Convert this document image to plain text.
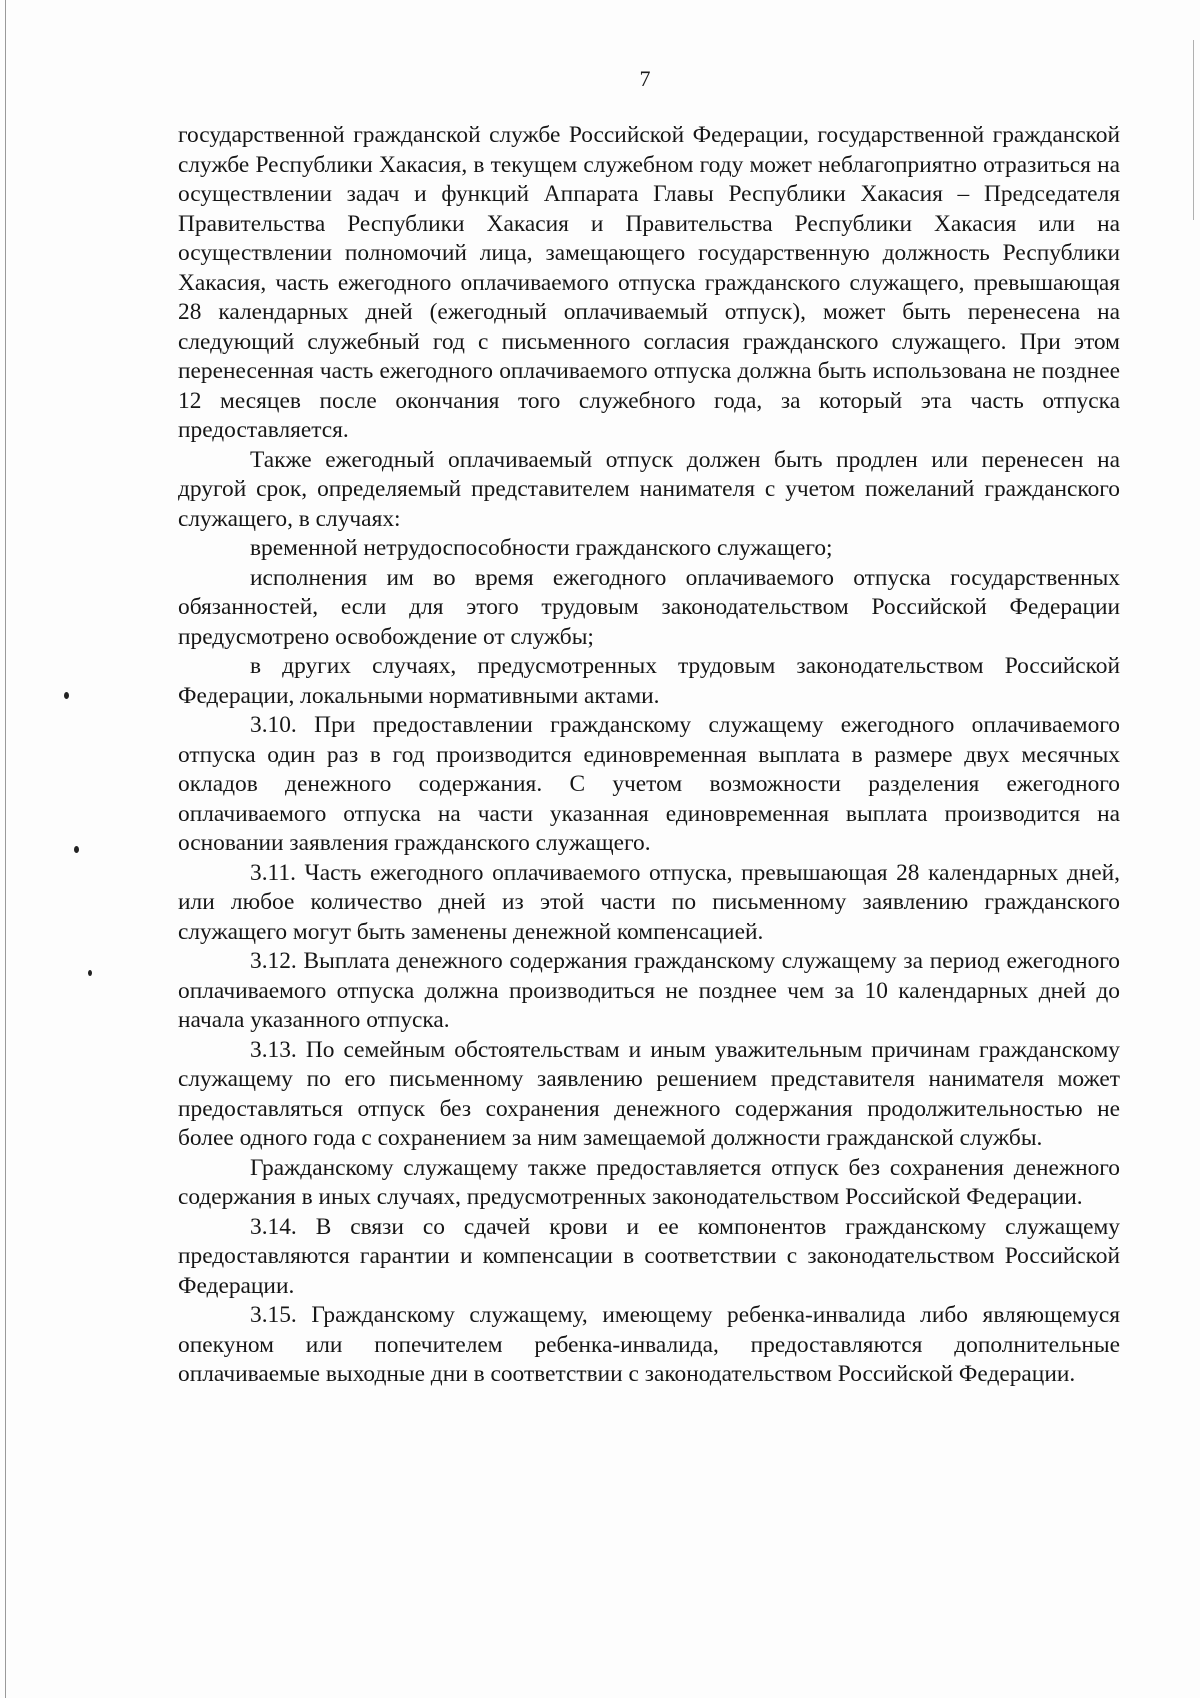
7

государственной гражданской службе Российской Федерации, государственной гражданской службе Республики Хакасия, в текущем служебном году может неблагоприятно отразиться на осуществлении задач и функций Аппарата Главы Республики Хакасия – Председателя Правительства Республики Хакасия и Правительства Республики Хакасия или на осуществлении полномочий лица, замещающего государственную должность Республики Хакасия, часть ежегодного оплачиваемого отпуска гражданского служащего, превышающая 28 календарных дней (ежегодный оплачиваемый отпуск), может быть перенесена на следующий служебный год с письменного согласия гражданского служащего. При этом перенесенная часть ежегодного оплачиваемого отпуска должна быть использована не позднее 12 месяцев после окончания того служебного года, за который эта часть отпуска предоставляется.

Также ежегодный оплачиваемый отпуск должен быть продлен или перенесен на другой срок, определяемый представителем нанимателя с учетом пожеланий гражданского служащего, в случаях:

временной нетрудоспособности гражданского служащего;

исполнения им во время ежегодного оплачиваемого отпуска государственных обязанностей, если для этого трудовым законодательством Российской Федерации предусмотрено освобождение от службы;

в других случаях, предусмотренных трудовым законодательством Российской Федерации, локальными нормативными актами.

3.10. При предоставлении гражданскому служащему ежегодного оплачиваемого отпуска один раз в год производится единовременная выплата в размере двух месячных окладов денежного содержания. С учетом возможности разделения ежегодного оплачиваемого отпуска на части указанная единовременная выплата производится на основании заявления гражданского служащего.

3.11. Часть ежегодного оплачиваемого отпуска, превышающая 28 календарных дней, или любое количество дней из этой части по письменному заявлению гражданского служащего могут быть заменены денежной компенсацией.

3.12. Выплата денежного содержания гражданскому служащему за период ежегодного оплачиваемого отпуска должна производиться не позднее чем за 10 календарных дней до начала указанного отпуска.

3.13. По семейным обстоятельствам и иным уважительным причинам гражданскому служащему по его письменному заявлению решением представителя нанимателя может предоставляться отпуск без сохранения денежного содержания продолжительностью не более одного года с сохранением за ним замещаемой должности гражданской службы.

Гражданскому служащему также предоставляется отпуск без сохранения денежного содержания в иных случаях, предусмотренных законодательством Российской Федерации.

3.14. В связи со сдачей крови и ее компонентов гражданскому служащему предоставляются гарантии и компенсации в соответствии с законодательством Российской Федерации.

3.15. Гражданскому служащему, имеющему ребенка-инвалида либо являющемуся опекуном или попечителем ребенка-инвалида, предоставляются дополнительные оплачиваемые выходные дни в соответствии с законодательством Российской Федерации.
